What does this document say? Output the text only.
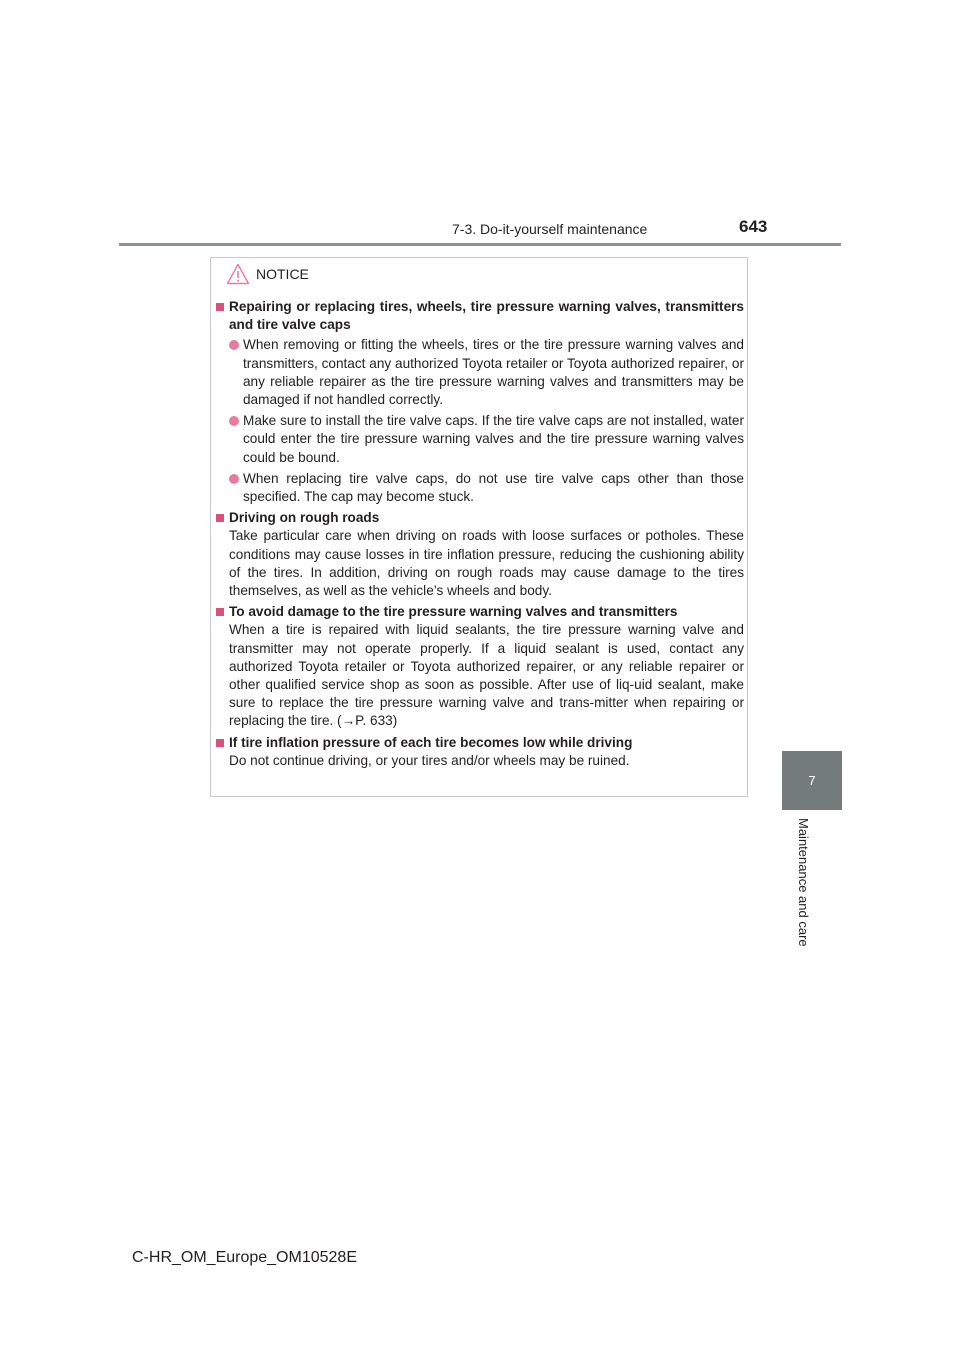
7-3. Do-it-yourself maintenance	643
7
Maintenance and care
NOTICE
Repairing or replacing tires, wheels, tire pressure warning valves, transmitters and tire valve caps
When removing or fitting the wheels, tires or the tire pressure warning valves and transmitters, contact any authorized Toyota retailer or Toyota authorized repairer, or any reliable repairer as the tire pressure warning valves and transmitters may be damaged if not handled correctly.
Make sure to install the tire valve caps. If the tire valve caps are not installed, water could enter the tire pressure warning valves and the tire pressure warning valves could be bound.
When replacing tire valve caps, do not use tire valve caps other than those specified. The cap may become stuck.
Driving on rough roads
Take particular care when driving on roads with loose surfaces or potholes. These conditions may cause losses in tire inflation pressure, reducing the cushioning ability of the tires. In addition, driving on rough roads may cause damage to the tires themselves, as well as the vehicle’s wheels and body.
To avoid damage to the tire pressure warning valves and transmitters
When a tire is repaired with liquid sealants, the tire pressure warning valve and transmitter may not operate properly. If a liquid sealant is used, contact any authorized Toyota retailer or Toyota authorized repairer, or any reliable repairer or other qualified service shop as soon as possible. After use of liq-uid sealant, make sure to replace the tire pressure warning valve and trans-mitter when repairing or replacing the tire. (→P. 633)
If tire inflation pressure of each tire becomes low while driving
Do not continue driving, or your tires and/or wheels may be ruined.
C-HR_OM_Europe_OM10528E
